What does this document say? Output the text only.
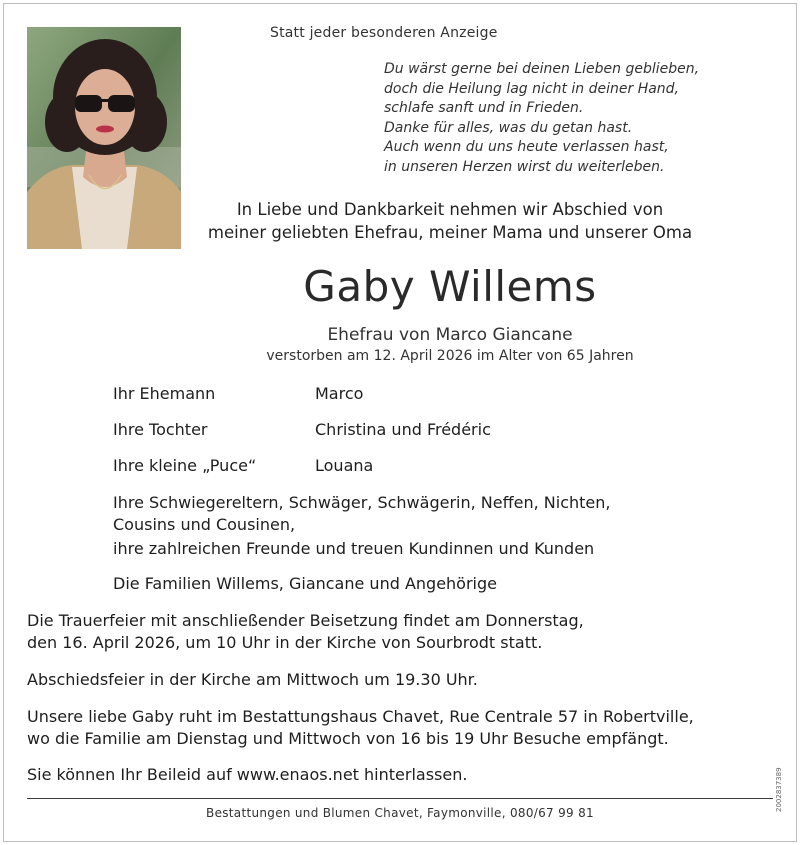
Statt jeder besonderen Anzeige
Du wärst gerne bei deinen Lieben geblieben,
doch die Heilung lag nicht in deiner Hand,
schlafe sanft und in Frieden.
Danke für alles, was du getan hast.
Auch wenn du uns heute verlassen hast,
in unseren Herzen wirst du weiterleben.
In Liebe und Dankbarkeit nehmen wir Abschied von
meiner geliebten Ehefrau, meiner Mama und unserer Oma
Gaby Willems
Ehefrau von Marco Giancane
verstorben am 12. April 2026 im Alter von 65 Jahren
Ihr Ehemann	Marco
Ihre Tochter	Christina und Frédéric
Ihre kleine „Puce“	Louana
Ihre Schwiegereltern, Schwäger, Schwägerin, Neffen, Nichten,
Cousins und Cousinen,
ihre zahlreichen Freunde und treuen Kundinnen und Kunden
Die Familien Willems, Giancane und Angehörige
Die Trauerfeier mit anschließender Beisetzung findet am Donnerstag,
den 16. April 2026, um 10 Uhr in der Kirche von Sourbrodt statt.
Abschiedsfeier in der Kirche am Mittwoch um 19.30 Uhr.
Unsere liebe Gaby ruht im Bestattungshaus Chavet, Rue Centrale 57 in Robertville,
wo die Familie am Dienstag und Mittwoch von 16 bis 19 Uhr Besuche empfängt.
Sie können Ihr Beileid auf www.enaos.net hinterlassen.
Bestattungen und Blumen Chavet, Faymonville, 080/67 99 81
2002837389
